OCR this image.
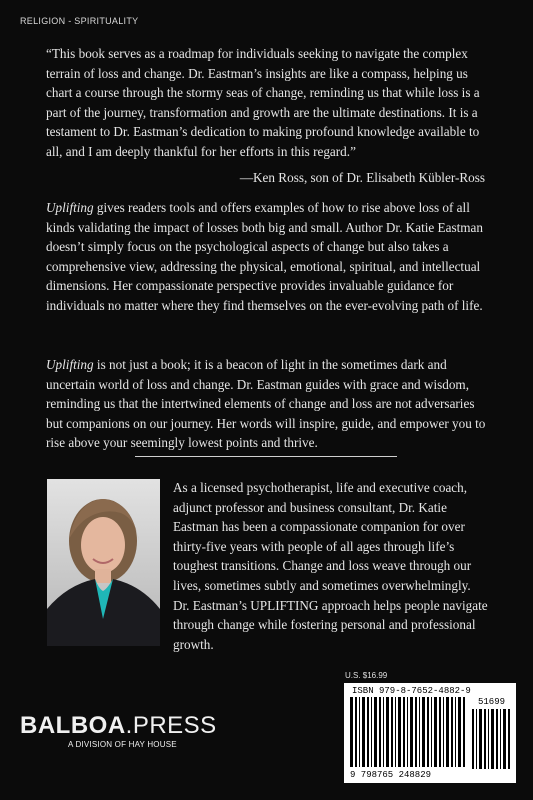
RELIGION - SPIRITUALITY

“This book serves as a roadmap for individuals seeking to navigate the complex terrain of loss and change. Dr. Eastman’s insights are like a compass, helping us chart a course through the stormy seas of change, reminding us that while loss is a part of the journey, transformation and growth are the ultimate destinations. It is a testament to Dr. Eastman’s dedication to making profound knowledge available to all, and I am deeply thankful for her efforts in this regard.”

—Ken Ross, son of Dr. Elisabeth Kübler-Ross

Uplifting gives readers tools and offers examples of how to rise above loss of all kinds validating the impact of losses both big and small. Author Dr. Katie Eastman doesn’t simply focus on the psychological aspects of change but also takes a comprehensive view, addressing the physical, emotional, spiritual, and intellectual dimensions. Her compassionate perspective provides invaluable guidance for individuals no matter where they find themselves on the ever-evolving path of life.

Uplifting is not just a book; it is a beacon of light in the sometimes dark and uncertain world of loss and change. Dr. Eastman guides with grace and wisdom, reminding us that the intertwined elements of change and loss are not adversaries but companions on our journey. Her words will inspire, guide, and empower you to rise above your seemingly lowest points and thrive.

As a licensed psychotherapist, life and executive coach, adjunct professor and business consultant, Dr. Katie Eastman has been a compassionate companion for over thirty-five years with people of all ages through life’s toughest transitions. Change and loss weave through our lives, sometimes subtly and sometimes overwhelmingly. Dr. Eastman’s UPLIFTING approach helps people navigate through change while fostering personal and professional growth.

BALBOA.PRESS
A DIVISION OF HAY HOUSE
U.S. $16.99
ISBN 979-8-7652-4882-9
51699
9 798765 248829
